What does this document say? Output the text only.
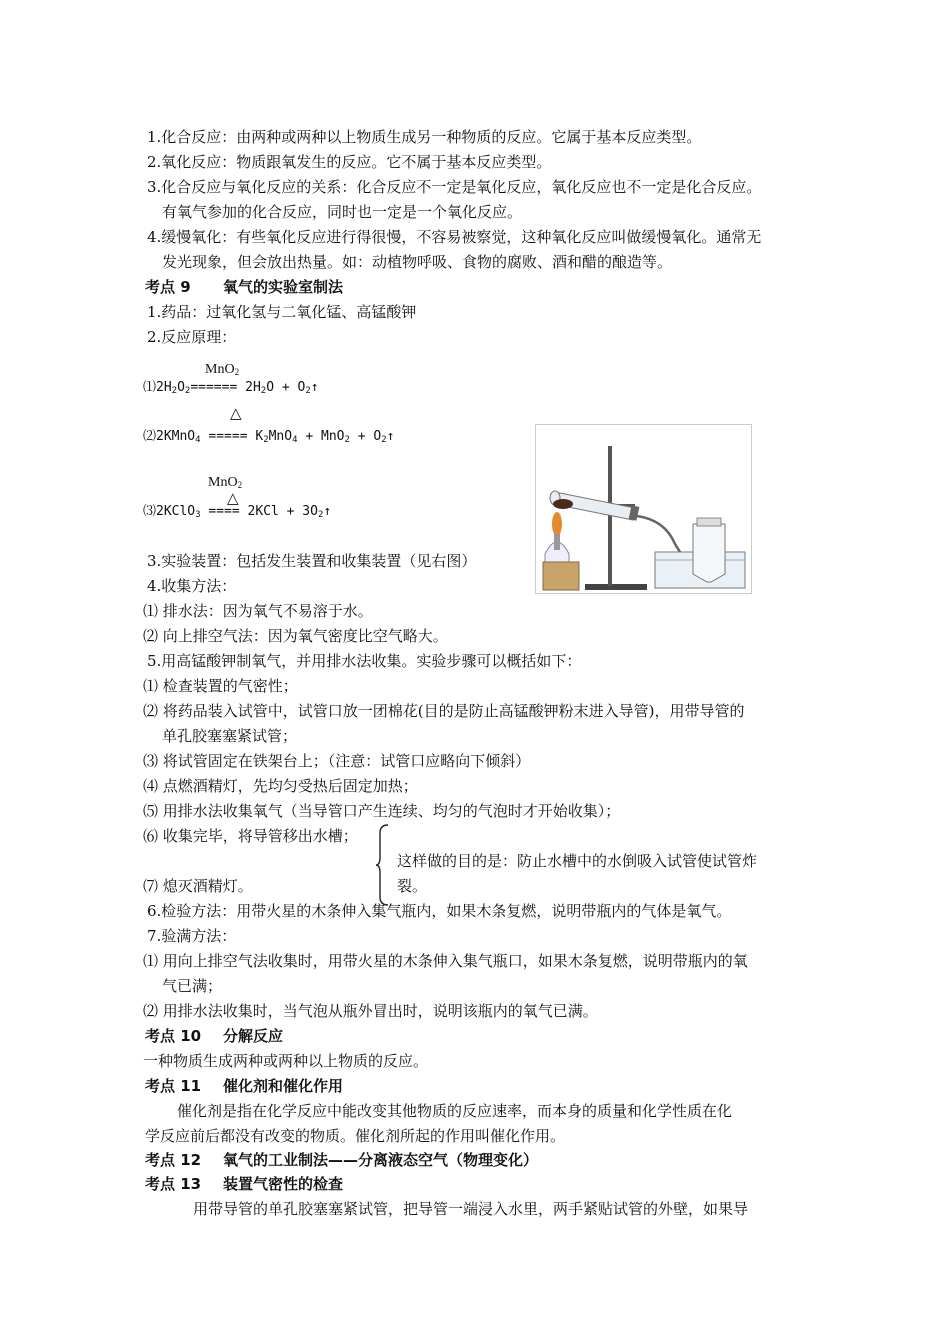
1.化合反应：由两种或两种以上物质生成另一种物质的反应。它属于基本反应类型。
2.氧化反应：物质跟氧发生的反应。它不属于基本反应类型。
3.化合反应与氧化反应的关系：化合反应不一定是氧化反应，氧化反应也不一定是化合反应。
有氧气参加的化合反应，同时也一定是一个氧化反应。
4.缓慢氧化：有些氧化反应进行得很慢，不容易被察觉，这种氧化反应叫做缓慢氧化。通常无
发光现象，但会放出热量。如：动植物呼吸、食物的腐败、酒和醋的酿造等。
考点 9 氧气的实验室制法
1.药品：过氧化氢与二氧化锰、高锰酸钾
2.反应原理：
MnO$_2$
$⑴2H_2O_2====== 2H_2O$ + $O_2↑$
△
⑵2KMnO$_4$ ===== $K_2MnO_4 + MnO_2$ + $O_2↑$
MnO$_2$
△
⑶2KClO$_3$ ==== $2KCl + 3O_2↑$
3.实验装置：包括发生装置和收集装置（见右图）
4.收集方法：
⑴ 排水法：因为氧气不易溶于水。
⑵ 向上排空气法：因为氧气密度比空气略大。
5.用高锰酸钾制氧气，并用排水法收集。实验步骤可以概括如下：
⑴ 检查装置的气密性；
⑵ 将药品装入试管中，试管口放一团棉花(目的是防止高锰酸钾粉末进入导管)，用带导管的
单孔胶塞塞紧试管；
⑶ 将试管固定在铁架台上；（注意：试管口应略向下倾斜）
⑷ 点燃酒精灯，先均匀受热后固定加热；
⑸ 用排水法收集氧气（当导管口产生连续、均匀的气泡时才开始收集）；
⑹ 收集完毕，将导管移出水槽；
⑺ 熄灭酒精灯。
这样做的目的是：防止水槽中的水倒吸入试管使试管炸
裂。
6.检验方法：用带火星的木条伸入集气瓶内，如果木条复燃，说明带瓶内的气体是氧气。
7.验满方法：
⑴ 用向上排空气法收集时，用带火星的木条伸入集气瓶口，如果木条复燃，说明带瓶内的氧
气已满；
⑵ 用排水法收集时，当气泡从瓶外冒出时，说明该瓶内的氧气已满。
考点 10 分解反应
一种物质生成两种或两种以上物质的反应。
考点 11 催化剂和催化作用
催化剂是指在化学反应中能改变其他物质的反应速率，而本身的质量和化学性质在化
学反应前后都没有改变的物质。催化剂所起的作用叫催化作用。
考点 12 氧气的工业制法——分离液态空气（物理变化）
考点 13 装置气密性的检查
用带导管的单孔胶塞塞紧试管，把导管一端浸入水里，两手紧贴试管的外壁，如果导
